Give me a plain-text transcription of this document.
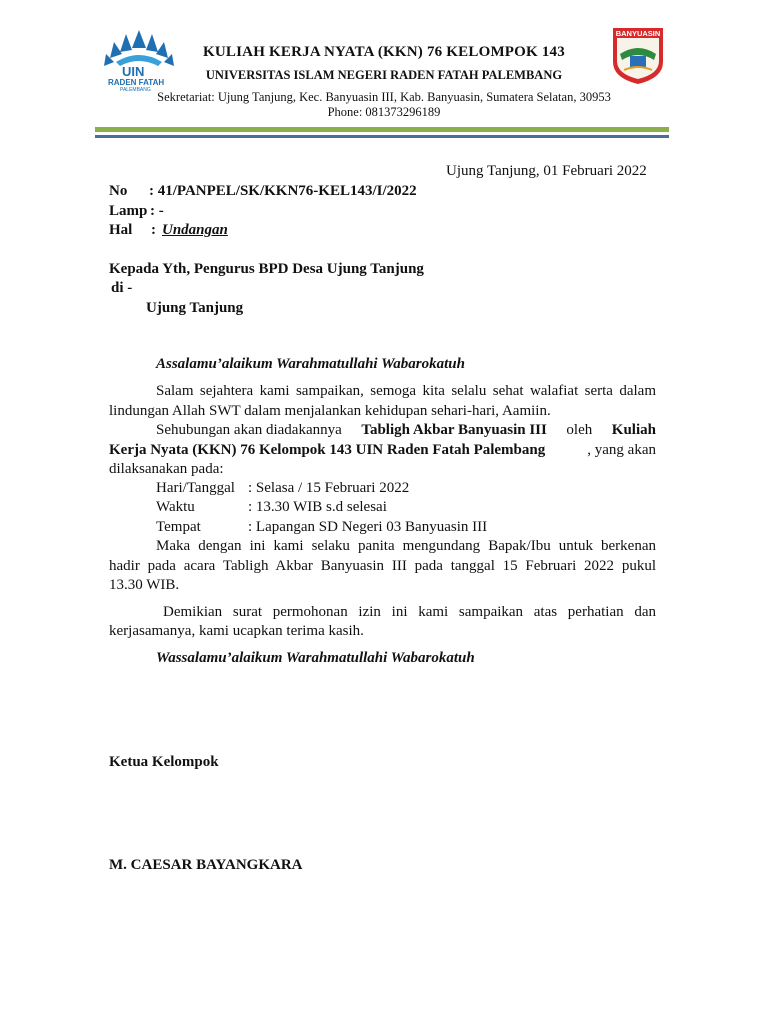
UIN
RADEN FATAH
PALEMBANG
BANYUASIN
KULIAH KERJA NYATA (KKN) 76 KELOMPOK 143
UNIVERSITAS ISLAM NEGERI RADEN FATAH PALEMBANG
Sekretariat: Ujung Tanjung, Kec. Banyuasin III, Kab. Banyuasin, Sumatera Selatan, 30953
Phone: 081373296189
Ujung Tanjung, 01 Februari 2022
No : 41/PANPEL/SK/KKN76-KEL143/I/2022
Lamp : -
Hal : Undangan
Kepada Yth, Pengurus BPD Desa Ujung Tanjung
di -
Ujung Tanjung
Assalamu’alaikum Warahmatullahi Wabarokatuh
Salam sejahtera kami sampaikan, semoga kita selalu sehat walafiat serta dalam
lindungan Allah SWT dalam menjalankan kehidupan sehari-hari, Aamiin.
Sehubungan akan diadakannya Tabligh Akbar Banyuasin III oleh Kuliah
Kerja Nyata (KKN) 76 Kelompok 143 UIN Raden Fatah Palembang	, yang akan
dilaksanakan pada:
Hari/Tanggal : Selasa / 15 Februari 2022
Waktu	: 13.30 WIB s.d selesai
Tempat	: Lapangan SD Negeri 03 Banyuasin III
Maka dengan ini kami selaku panita mengundang Bapak/Ibu untuk berkenan
hadir pada acara Tabligh Akbar Banyuasin III pada tanggal 15 Februari 2022 pukul
13.30 WIB.
Demikian surat permohonan izin ini kami sampaikan atas perhatian dan
kerjasamanya, kami ucapkan terima kasih.
Wassalamu’alaikum Warahmatullahi Wabarokatuh
Ketua Kelompok
M. CAESAR BAYANGKARA
